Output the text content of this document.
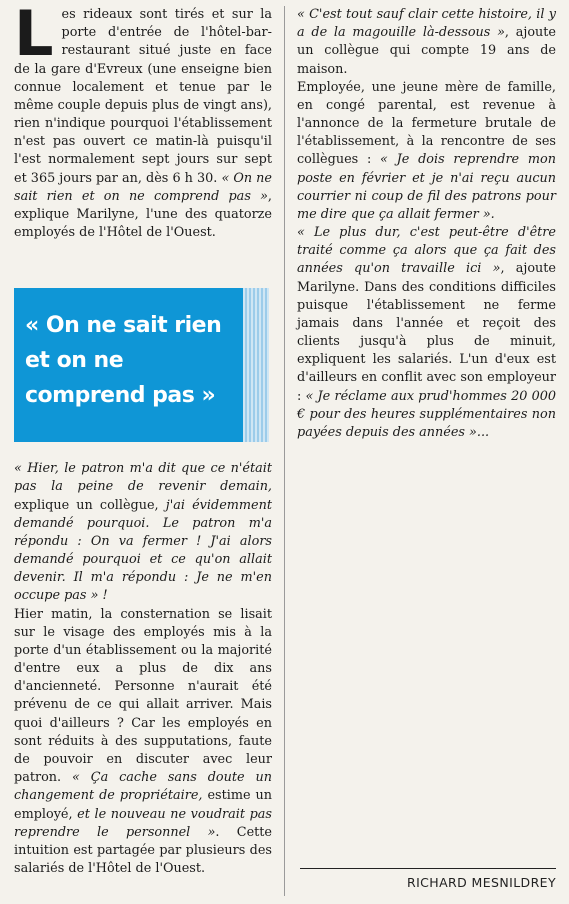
Les rideaux sont tirés et sur la porte d'entrée de l'hôtel-bar-restaurant situé juste en face de la gare d'Evreux (une enseigne bien connue localement et tenue par le même couple depuis plus de vingt ans), rien n'indique pourquoi l'établissement n'est pas ouvert ce matin-là puisqu'il l'est normalement sept jours sur sept et 365 jours par an, dès 6 h 30. « On ne sait rien et on ne comprend pas », explique Marilyne, l'une des quatorze employés de l'Hôtel de l'Ouest.

« On ne sait rien et on ne comprend pas »

« Hier, le patron m'a dit que ce n'était pas la peine de revenir demain, explique un collègue, j'ai évidemment demandé pourquoi. Le patron m'a répondu : On va fermer ! J'ai alors demandé pourquoi et ce qu'on allait devenir. Il m'a répondu : Je ne m'en occupe pas » !

Hier matin, la consternation se lisait sur le visage des employés mis à la porte d'un établissement ou la majorité d'entre eux a plus de dix ans d'ancienneté. Personne n'aurait été prévenu de ce qui allait arriver. Mais quoi d'ailleurs ? Car les employés en sont réduits à des supputations, faute de pouvoir en discuter avec leur patron. « Ça cache sans doute un changement de propriétaire, estime un employé, et le nouveau ne voudrait pas reprendre le personnel ». Cette intuition est partagée par plusieurs des salariés de l'Hôtel de l'Ouest.

« C'est tout sauf clair cette histoire, il y a de la magouille là-dessous », ajoute un collègue qui compte 19 ans de maison.

Employée, une jeune mère de famille, en congé parental, est revenue à l'annonce de la fermeture brutale de l'établissement, à la rencontre de ses collègues : « Je dois reprendre mon poste en février et je n'ai reçu aucun courrier ni coup de fil des patrons pour me dire que ça allait fermer ».

« Le plus dur, c'est peut-être d'être traité comme ça alors que ça fait des années qu'on travaille ici », ajoute Marilyne. Dans des conditions difficiles puisque l'établissement ne ferme jamais dans l'année et reçoit des clients jusqu'à plus de minuit, expliquent les salariés. L'un d'eux est d'ailleurs en conflit avec son employeur : « Je réclame aux prud'hommes 20 000 € pour des heures supplémentaires non payées depuis des années »...

RICHARD MESNILDREY
